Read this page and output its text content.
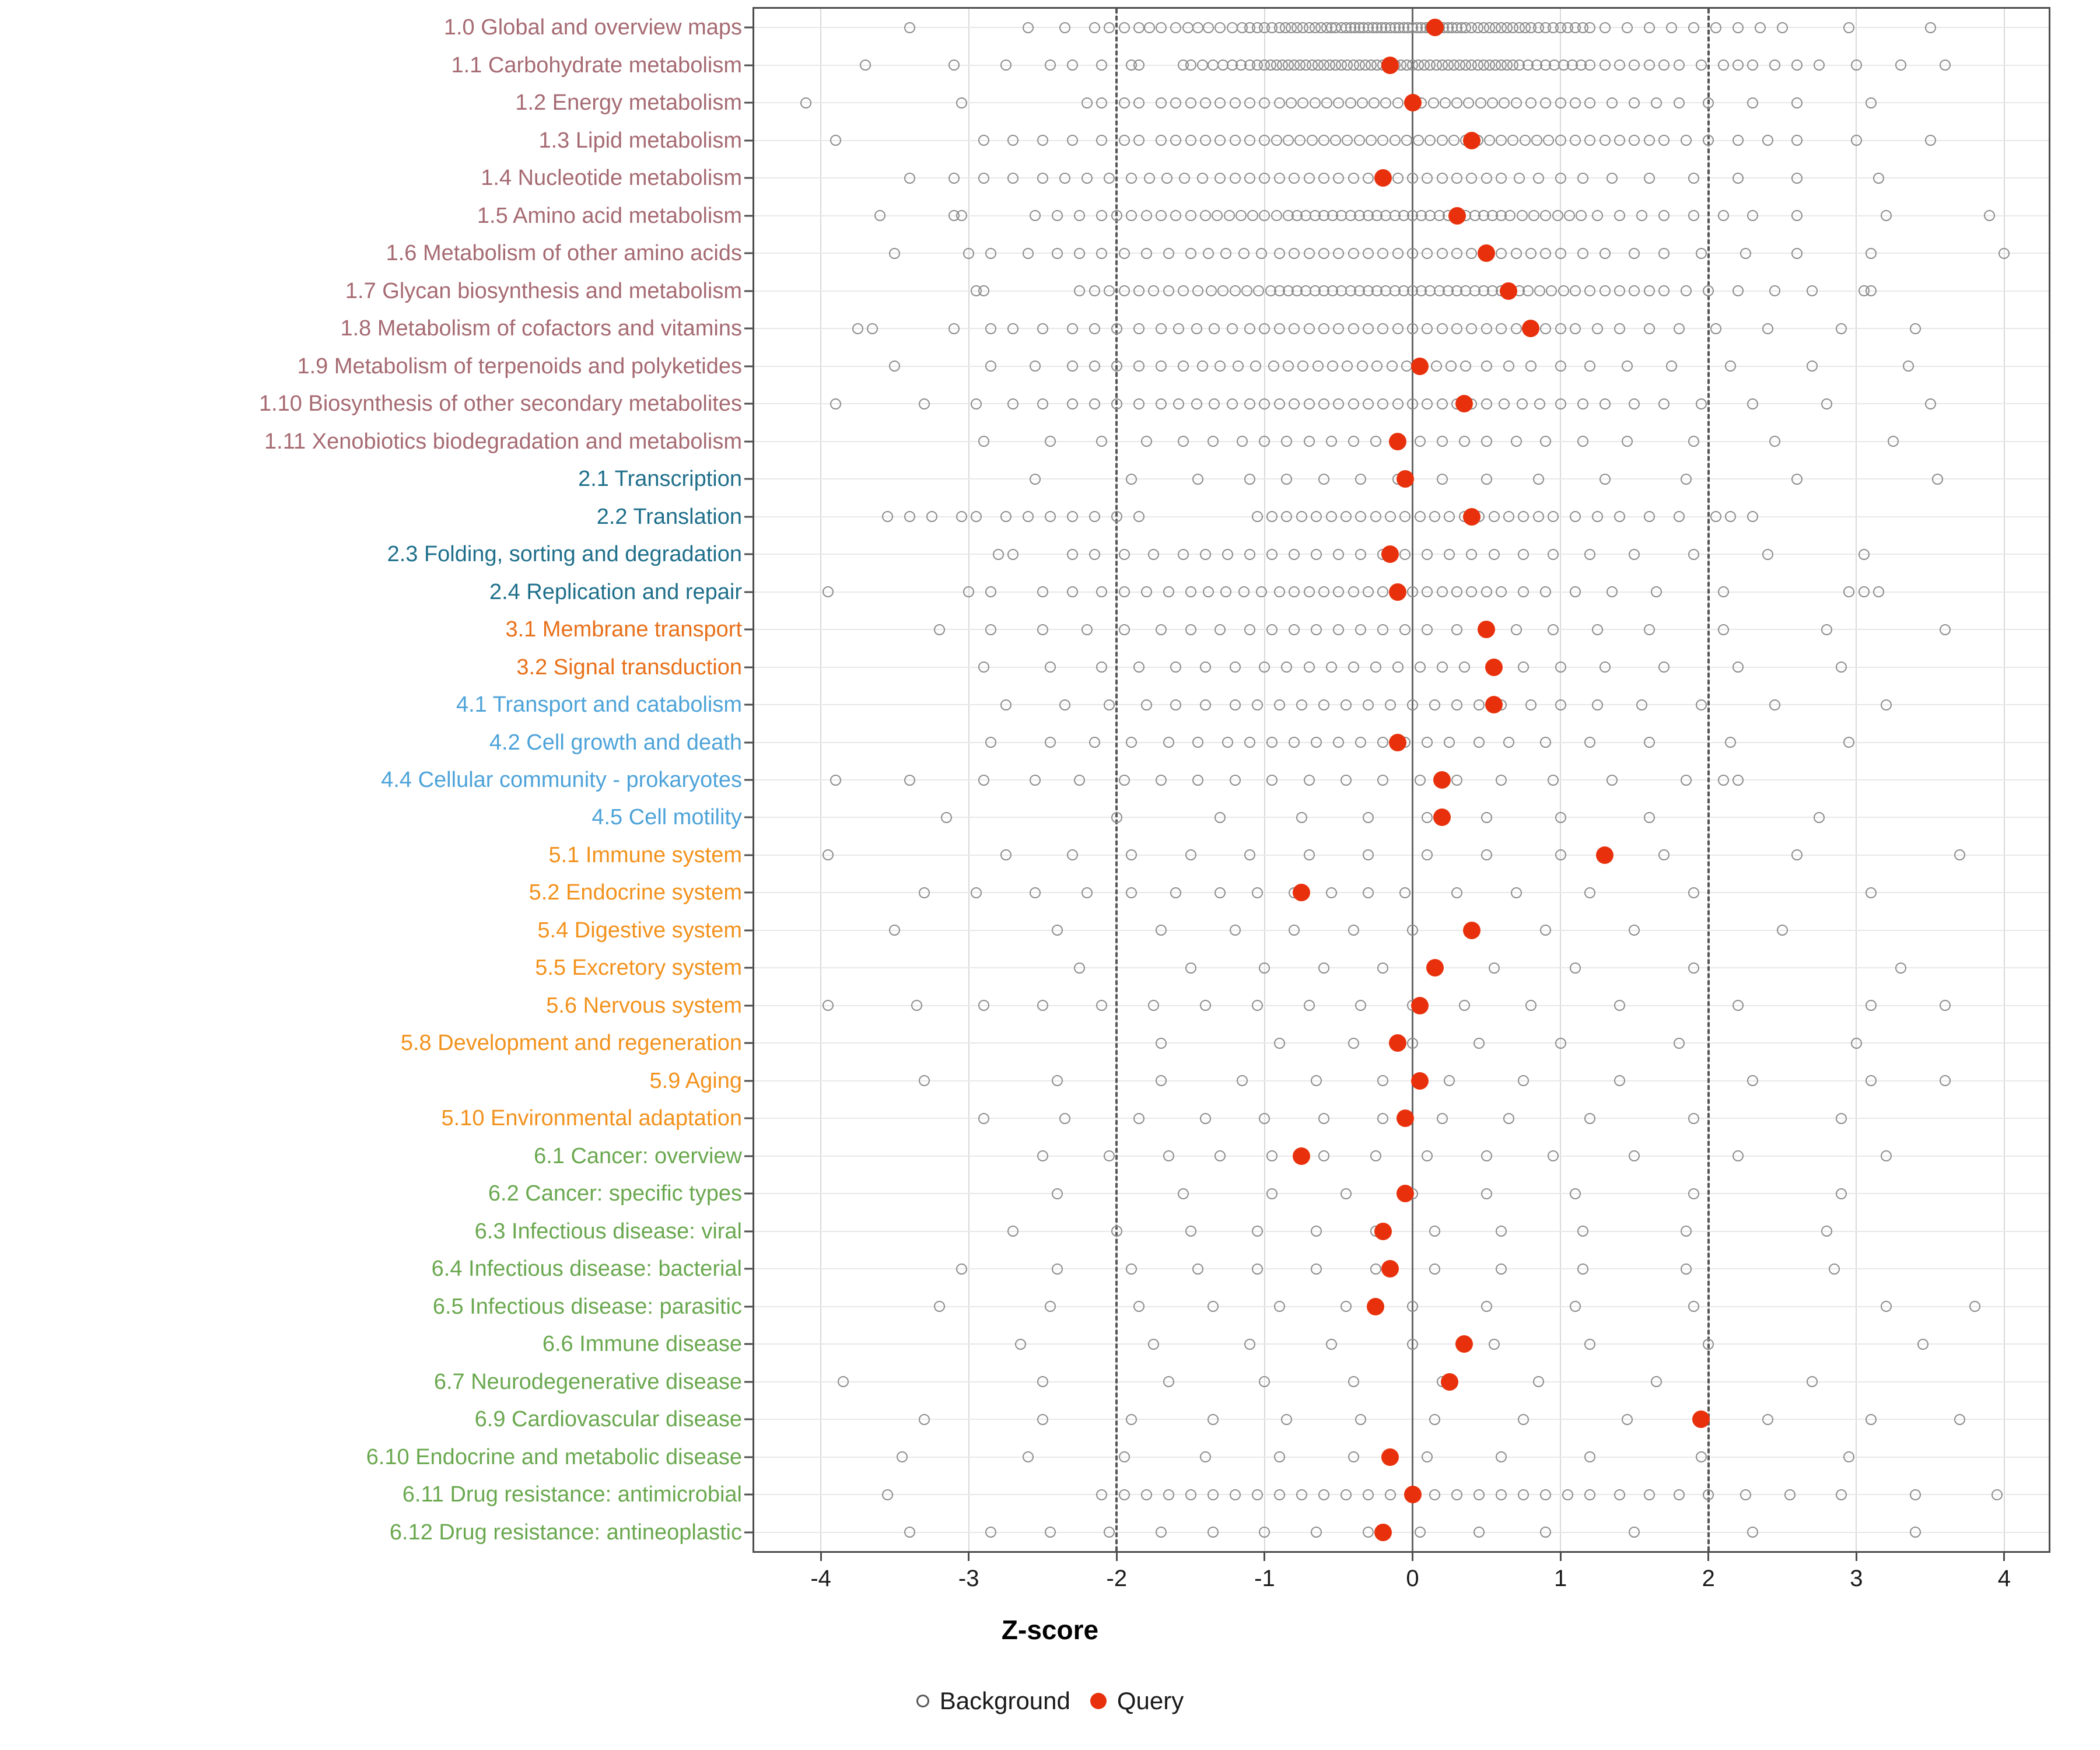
1.0 Global and overview maps
1.1 Carbohydrate metabolism
1.2 Energy metabolism
1.3 Lipid metabolism
1.4 Nucleotide metabolism
1.5 Amino acid metabolism
1.6 Metabolism of other amino acids
1.7 Glycan biosynthesis and metabolism
1.8 Metabolism of cofactors and vitamins
1.9 Metabolism of terpenoids and polyketides
1.10 Biosynthesis of other secondary metabolites
1.11 Xenobiotics biodegradation and metabolism
2.1 Transcription
2.2 Translation
2.3 Folding, sorting and degradation
2.4 Replication and repair
3.1 Membrane transport
3.2 Signal transduction
4.1 Transport and catabolism
4.2 Cell growth and death
4.4 Cellular community - prokaryotes
4.5 Cell motility
5.1 Immune system
5.2 Endocrine system
5.4 Digestive system
5.5 Excretory system
5.6 Nervous system
5.8 Development and regeneration
5.9 Aging
5.10 Environmental adaptation
6.1 Cancer: overview
6.2 Cancer: specific types
6.3 Infectious disease: viral
6.4 Infectious disease: bacterial
6.5 Infectious disease: parasitic
6.6 Immune disease
6.7 Neurodegenerative disease
6.9 Cardiovascular disease
6.10 Endocrine and metabolic disease
6.11 Drug resistance: antimicrobial
6.12 Drug resistance: antineoplastic
-4	-3	-2	-1	0	1	2	3	4
Z-score
Background Query
